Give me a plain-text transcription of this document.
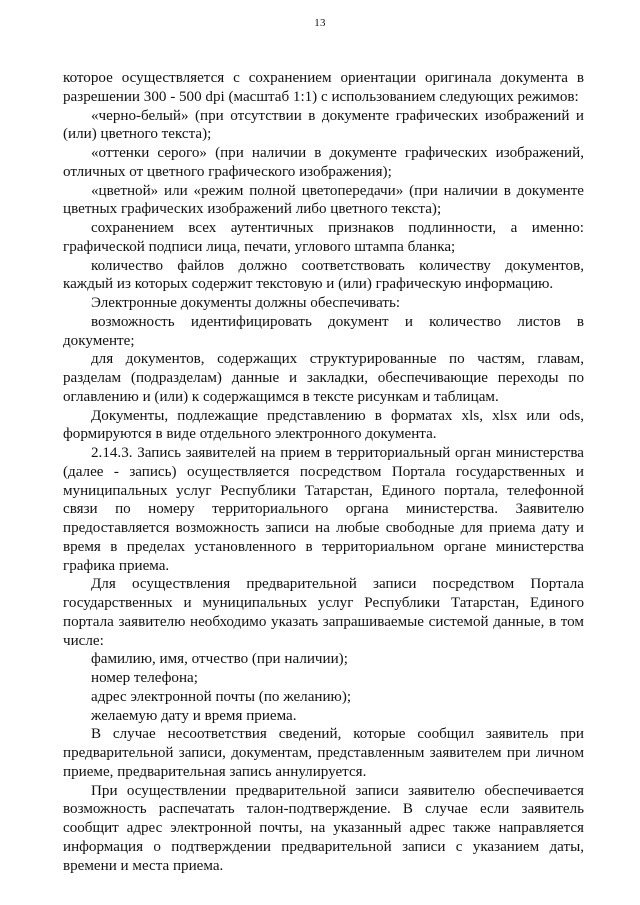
13

которое осуществляется с сохранением ориентации оригинала документа в разрешении 300 - 500 dpi (масштаб 1:1) с использованием следующих режимов:

«черно-белый» (при отсутствии в документе графических изображений и (или) цветного текста);

«оттенки серого» (при наличии в документе графических изображений, отличных от цветного графического изображения);

«цветной» или «режим полной цветопередачи» (при наличии в документе цветных графических изображений либо цветного текста);

сохранением всех аутентичных признаков подлинности, а именно: графической подписи лица, печати, углового штампа бланка;

количество файлов должно соответствовать количеству документов, каждый из которых содержит текстовую и (или) графическую информацию.

Электронные документы должны обеспечивать:

возможность идентифицировать документ и количество листов в документе;

для документов, содержащих структурированные по частям, главам, разделам (подразделам) данные и закладки, обеспечивающие переходы по оглавлению и (или) к содержащимся в тексте рисункам и таблицам.

Документы, подлежащие представлению в форматах xls, xlsx или ods, формируются в виде отдельного электронного документа.

2.14.3. Запись заявителей на прием в территориальный орган министерства (далее - запись) осуществляется посредством Портала государственных и муниципальных услуг Республики Татарстан, Единого портала, телефонной связи по номеру территориального органа министерства. Заявителю предоставляется возможность записи на любые свободные для приема дату и время в пределах установленного в территориальном органе министерства графика приема.

Для осуществления предварительной записи посредством Портала государственных и муниципальных услуг Республики Татарстан, Единого портала заявителю необходимо указать запрашиваемые системой данные, в том числе:

фамилию, имя, отчество (при наличии);

номер телефона;

адрес электронной почты (по желанию);

желаемую дату и время приема.

В случае несоответствия сведений, которые сообщил заявитель при предварительной записи, документам, представленным заявителем при личном приеме, предварительная запись аннулируется.

При осуществлении предварительной записи заявителю обеспечивается возможность распечатать талон-подтверждение. В случае если заявитель сообщит адрес электронной почты, на указанный адрес также направляется информация о подтверждении предварительной записи с указанием даты, времени и места приема.
